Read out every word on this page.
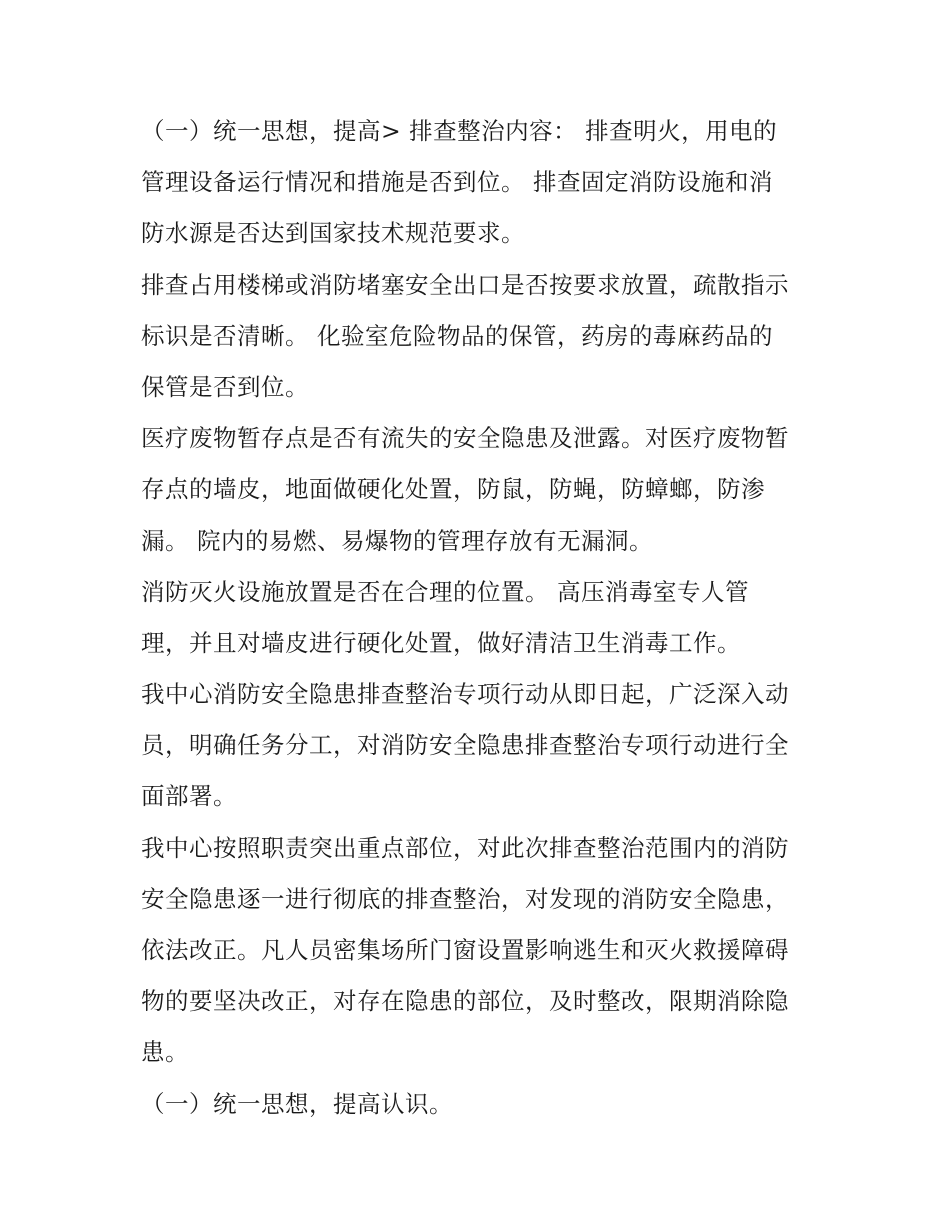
（一）统一思想，提高> 排查整治内容： 排查明火，用电的
管理设备运行情况和措施是否到位。 排查固定消防设施和消
防水源是否达到国家技术规范要求。
排查占用楼梯或消防堵塞安全出口是否按要求放置，疏散指示
标识是否清晰。 化验室危险物品的保管，药房的毒麻药品的
保管是否到位。
医疗废物暂存点是否有流失的安全隐患及泄露。对医疗废物暂
存点的墙皮，地面做硬化处置，防鼠，防蝇，防蟑螂，防渗
漏。 院内的易燃、易爆物的管理存放有无漏洞。
消防灭火设施放置是否在合理的位置。 高压消毒室专人管
理，并且对墙皮进行硬化处置，做好清洁卫生消毒工作。
我中心消防安全隐患排查整治专项行动从即日起，广泛深入动
员，明确任务分工，对消防安全隐患排查整治专项行动进行全
面部署。
我中心按照职责突出重点部位，对此次排查整治范围内的消防
安全隐患逐一进行彻底的排查整治，对发现的消防安全隐患，
依法改正。凡人员密集场所门窗设置影响逃生和灭火救援障碍
物的要坚决改正，对存在隐患的部位，及时整改，限期消除隐
患。
（一）统一思想，提高认识。
